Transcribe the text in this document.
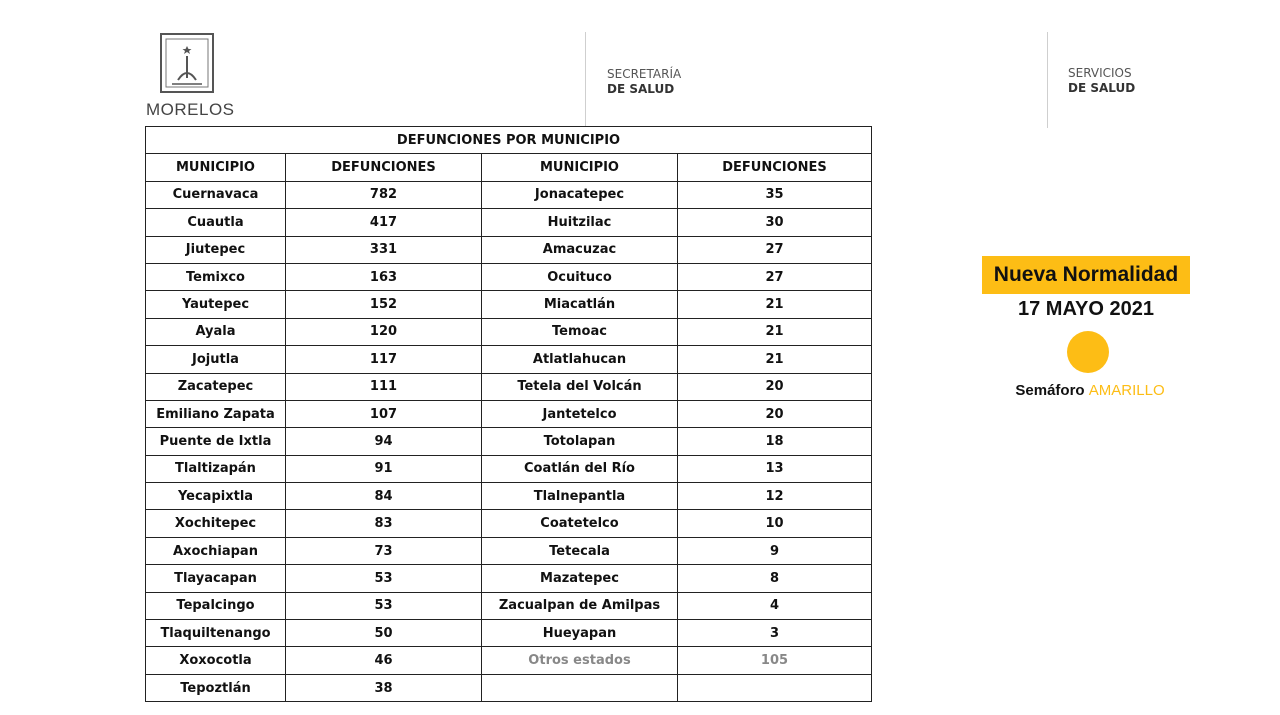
MORELOS
SECRETARÍA
DE SALUD
SERVICIOS
DE SALUD
DEFUNCIONES POR MUNICIPIO			
MUNICIPIO	DEFUNCIONES	MUNICIPIO	DEFUNCIONES
Cuernavaca	782	Jonacatepec	35
Cuautla	417	Huitzilac	30
Jiutepec	331	Amacuzac	27
Temixco	163	Ocuituco	27
Yautepec	152	Miacatlán	21
Ayala	120	Temoac	21
Jojutla	117	Atlatlahucan	21
Zacatepec	111	Tetela del Volcán	20
Emiliano Zapata	107	Jantetelco	20
Puente de Ixtla	94	Totolapan	18
Tlaltizapán	91	Coatlán del Río	13
Yecapixtla	84	Tlalnepantla	12
Xochitepec	83	Coatetelco	10
Axochiapan	73	Tetecala	9
Tlayacapan	53	Mazatepec	8
Tepalcingo	53	Zacualpan de Amilpas	4
Tlaquiltenango	50	Hueyapan	3
Xoxocotla	46	Otros estados	105
Tepoztlán	38		
Nueva Normalidad
17 MAYO 2021
Semáforo AMARILLO
